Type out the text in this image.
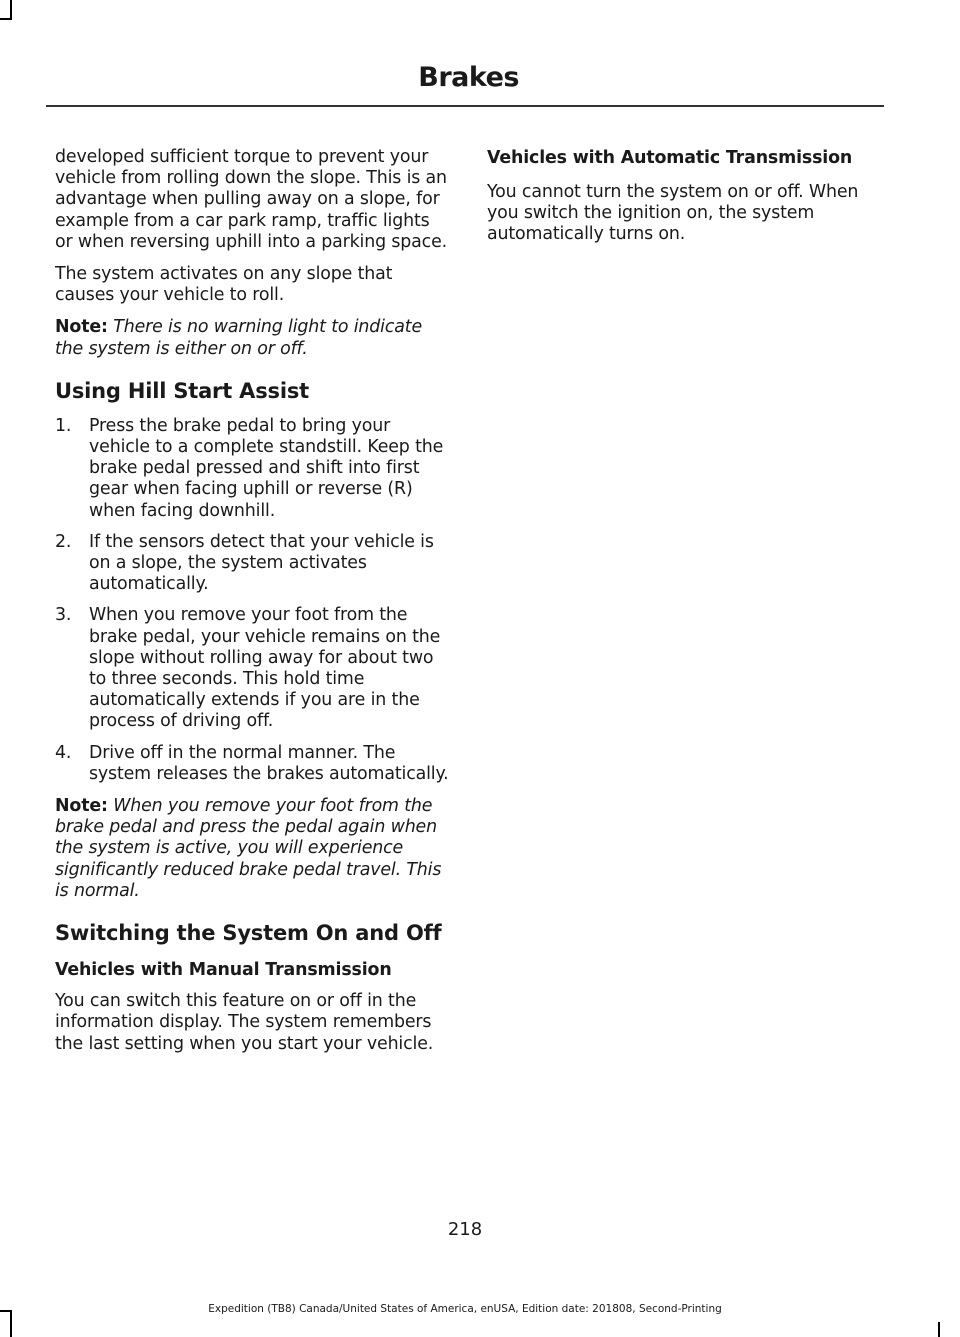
Brakes

developed sufficient torque to prevent your vehicle from rolling down the slope. This is an advantage when pulling away on a slope, for example from a car park ramp, traffic lights or when reversing uphill into a parking space.

The system activates on any slope that causes your vehicle to roll.

Note: There is no warning light to indicate the system is either on or off.

Using Hill Start Assist
1. Press the brake pedal to bring your vehicle to a complete standstill. Keep the brake pedal pressed and shift into first gear when facing uphill or reverse (R) when facing downhill.
2. If the sensors detect that your vehicle is on a slope, the system activates automatically.
3. When you remove your foot from the brake pedal, your vehicle remains on the slope without rolling away for about two to three seconds. This hold time automatically extends if you are in the process of driving off.
4. Drive off in the normal manner. The system releases the brakes automatically.

Note: When you remove your foot from the brake pedal and press the pedal again when the system is active, you will experience significantly reduced brake pedal travel. This is normal.

Switching the System On and Off
Vehicles with Manual Transmission

You can switch this feature on or off in the information display. The system remembers the last setting when you start your vehicle.

Vehicles with Automatic Transmission

You cannot turn the system on or off. When you switch the ignition on, the system automatically turns on.

218
Expedition (TB8) Canada/United States of America, enUSA, Edition date: 201808, Second-Printing
